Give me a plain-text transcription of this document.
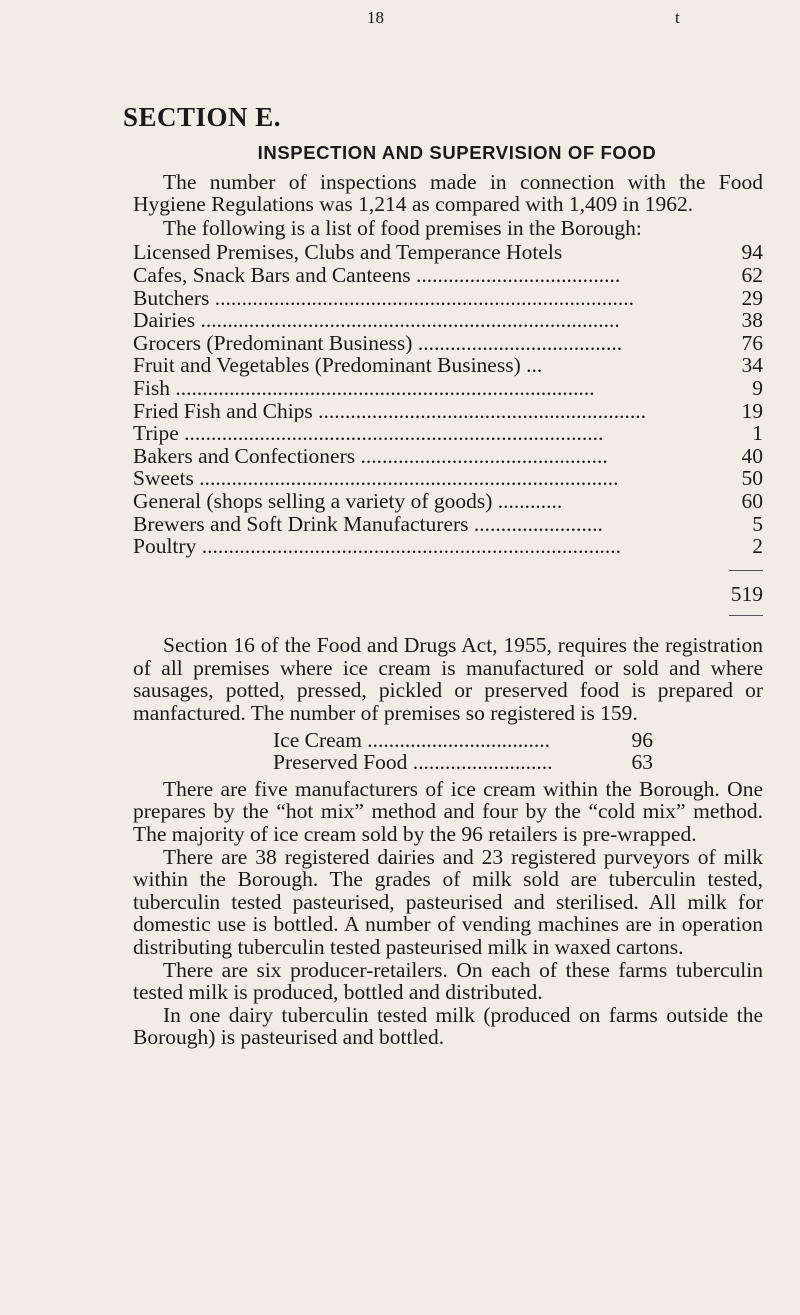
18	t
SECTION E.
INSPECTION AND SUPERVISION OF FOOD

The number of inspections made in connection with the Food Hygiene Regulations was 1,214 as compared with 1,409 in 1962.

The following is a list of food premises in the Borough:

Licensed Premises, Clubs and Temperance Hotels	94
Cafes, Snack Bars and Canteens ......................................	62
Butchers ..............................................................................	29
Dairies ..............................................................................	38
Grocers (Predominant Business) ......................................	76
Fruit and Vegetables (Predominant Business) ...	34
Fish ..............................................................................	9
Fried Fish and Chips .............................................................	19
Tripe ..............................................................................	1
Bakers and Confectioners ..............................................	40
Sweets ..............................................................................	50
General (shops selling a variety of goods) ............	60
Brewers and Soft Drink Manufacturers ........................	5
Poultry ..............................................................................	2
519

Section 16 of the Food and Drugs Act, 1955, requires the registration of all premises where ice cream is manufactured or sold and where sausages, potted, pressed, pickled or preserved food is prepared or manfactured. The number of premises so registered is 159.

Ice Cream ..................................	96
Preserved Food ..........................	63

There are five manufacturers of ice cream within the Borough. One prepares by the “hot mix” method and four by the “cold mix” method. The majority of ice cream sold by the 96 retailers is pre-wrapped.

There are 38 registered dairies and 23 registered purveyors of milk within the Borough. The grades of milk sold are tuberculin tested, tuberculin tested pasteurised, pasteurised and sterilised. All milk for domestic use is bottled. A number of vending machines are in operation distributing tuberculin tested pasteurised milk in waxed cartons.

There are six producer-retailers. On each of these farms tuberculin tested milk is produced, bottled and distributed.

In one dairy tuberculin tested milk (produced on farms outside the Borough) is pasteurised and bottled.
